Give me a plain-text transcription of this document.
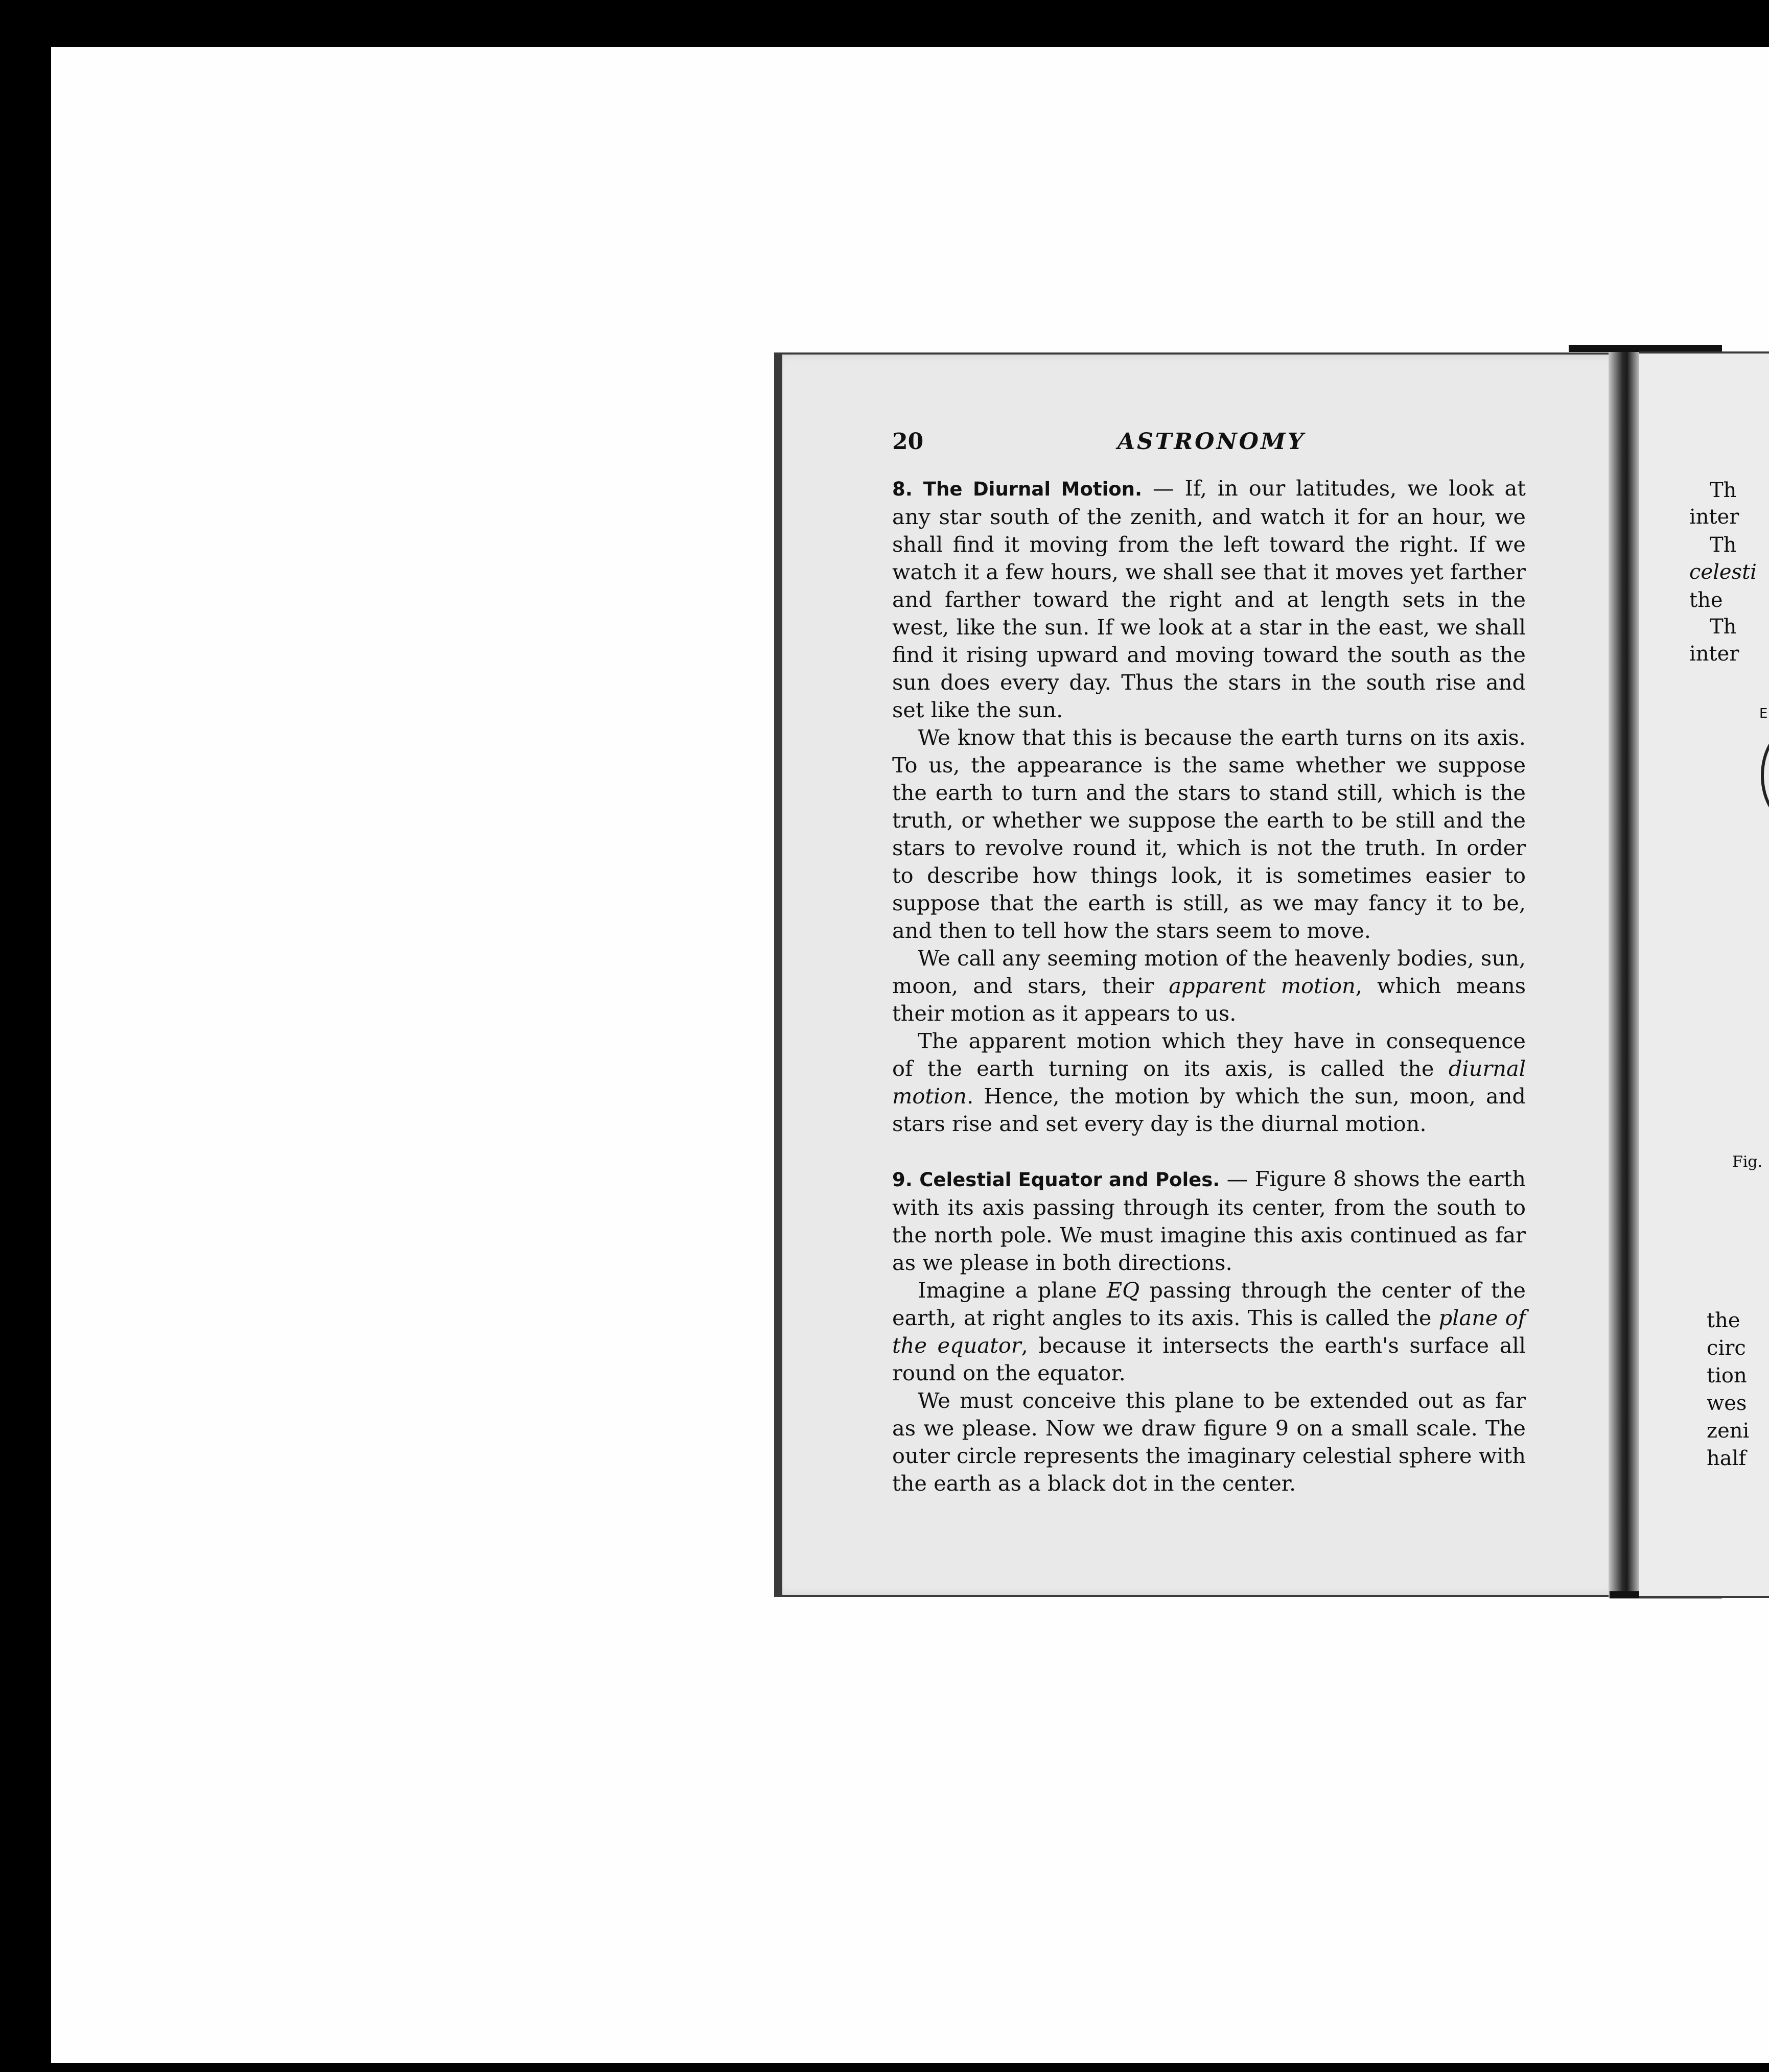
20	ASTRONOMY

8. The Diurnal Motion. — If, in our latitudes, we look at any star south of the zenith, and watch it for an hour, we shall find it moving from the left toward the right. If we watch it a few hours, we shall see that it moves yet farther and farther toward the right and at length sets in the west, like the sun. If we look at a star in the east, we shall find it rising upward and moving toward the south as the sun does every day. Thus the stars in the south rise and set like the sun.

We know that this is because the earth turns on its axis. To us, the appearance is the same whether we suppose the earth to turn and the stars to stand still, which is the truth, or whether we suppose the earth to be still and the stars to revolve round it, which is not the truth. In order to describe how things look, it is sometimes easier to suppose that the earth is still, as we may fancy it to be, and then to tell how the stars seem to move.

We call any seeming motion of the heavenly bodies, sun, moon, and stars, their apparent motion, which means their motion as it appears to us.

The apparent motion which they have in consequence of the earth turning on its axis, is called the diurnal motion. Hence, the motion by which the sun, moon, and stars rise and set every day is the diurnal motion.

9. Celestial Equator and Poles. — Figure 8 shows the earth with its axis passing through its center, from the south to the north pole. We must imagine this axis continued as far as we please in both directions.

Imagine a plane EQ passing through the center of the earth, at right angles to its axis. This is called the plane of the equator, because it intersects the earth's surface all round on the equator.

We must conceive this plane to be extended out as far as we please. Now we draw figure 9 on a small scale. The outer circle represents the imaginary celestial sphere with the earth as a black dot in the center.

Th
inter
Th
celesti
the
Th
inter
E
Fig.
the
circ
tion
wes
zeni
half
